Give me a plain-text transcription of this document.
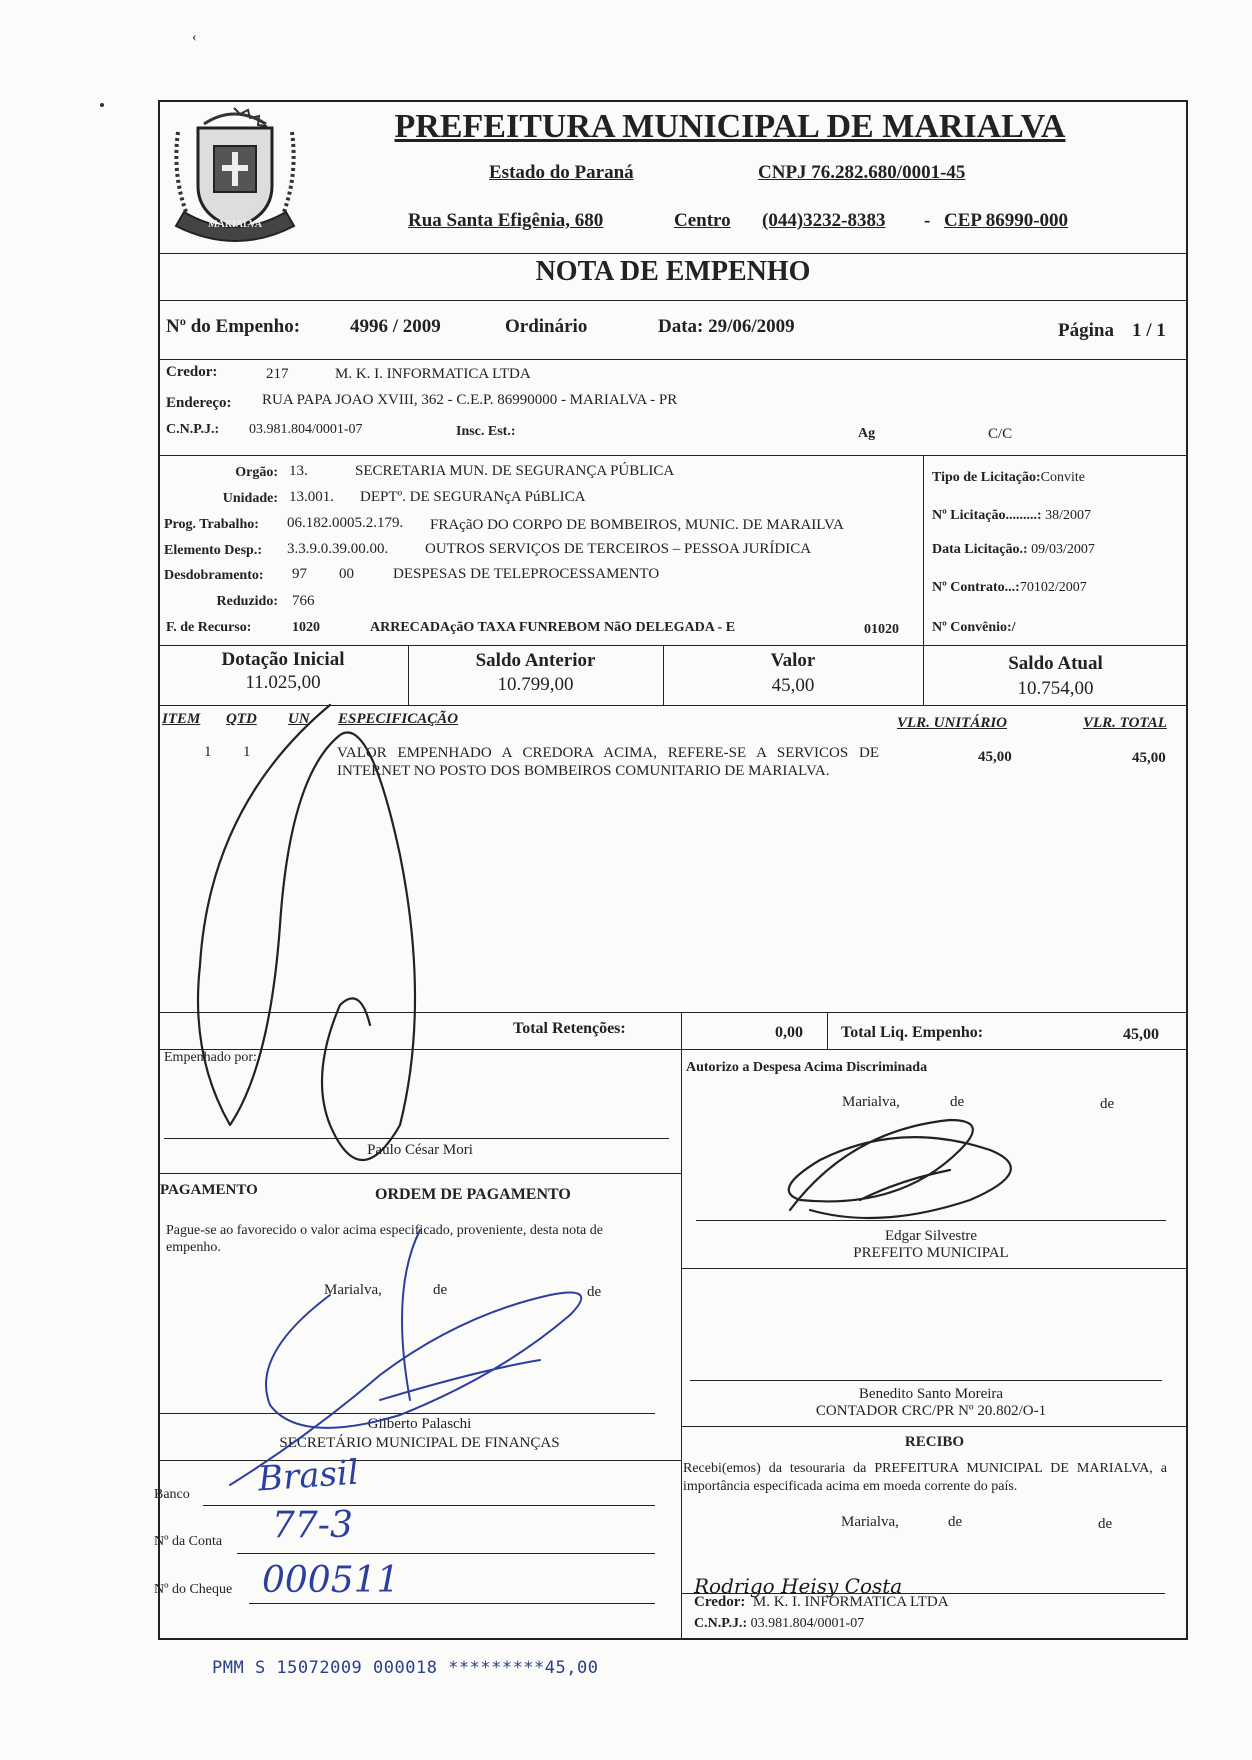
‹
MARIALVA
PREFEITURA MUNICIPAL DE MARIALVA
Estado do Paraná	CNPJ 76.282.680/0001-45
Rua Santa Efigênia, 680	Centro (044)3232-8383 - CEP 86990-000
NOTA DE EMPENHO
Nº do Empenho:	4996 / 2009	Ordinário	Data: 29/06/2009	Página 1 / 1
Credor:	217	M. K. I. INFORMATICA LTDA
Endereço: RUA PAPA JOAO XVIII, 362 - C.E.P. 86990000 - MARIALVA - PR
C.N.P.J.: 03.981.804/0001-07	Insc. Est.:	Ag	C/C
Orgão: 13.	SECRETARIA MUN. DE SEGURANÇA PÚBLICA
Unidade: 13.001. DEPTº. DE SEGURANçA PúBLICA
Prog. Trabalho: 06.182.0005.2.179. FRAçãO DO CORPO DE BOMBEIROS, MUNIC. DE MARAILVA
Elemento Desp.: 3.3.9.0.39.00.00. OUTROS SERVIÇOS DE TERCEIROS – PESSOA JURÍDICA
Desdobramento: 97 00	DESPESAS DE TELEPROCESSAMENTO
Reduzido: 766
F. de Recurso:	1020	ARRECADAçãO TAXA FUNREBOM NãO DELEGADA - E	01020
Tipo de Licitação:Convite
Nº Licitação.........: 38/2007
Data Licitação.: 09/03/2007
Nº Contrato...:70102/2007
Nº Convênio:/
Dotação Inicial
11.025,00
Saldo Anterior
10.799,00
Valor
45,00
Saldo Atual
10.754,00
ITEM QTD UN ESPECIFICAÇÃO	VLR. UNITÁRIO	VLR. TOTAL
1 1	VALOR EMPENHADO A CREDORA ACIMA, REFERE-SE A SERVICOS DE INTERNET NO POSTO DOS BOMBEIROS COMUNITARIO DE MARIALVA.
45,00	45,00
Total Retenções:	0,00 Total Liq. Empenho:	45,00
Empenhado por:
Paulo César Mori
Autorizo a Despesa Acima Discriminada
Marialva,	de	de
Edgar Silvestre
PREFEITO MUNICIPAL
PAGAMENTO	ORDEM DE PAGAMENTO
Pague-se ao favorecido o valor acima especificado, proveniente, desta nota de empenho.
Marialva,	de	de
Gilberto Palaschi
SECRETÁRIO MUNICIPAL DE FINANÇAS
Benedito Santo Moreira
CONTADOR CRC/PR Nº 20.802/O-1
Banco Brasil
Nº da Conta 77-3
Nº do Cheque 000511
RECIBO
Recebi(emos) da tesouraria da PREFEITURA MUNICIPAL DE MARIALVA, a importância especificada acima em moeda corrente do país.
Marialva,	de	de
Rodrigo Heisy Costa
Credor: M. K. I. INFORMATICA LTDA
C.N.P.J.: 03.981.804/0001-07
PMM S 15072009 000018 *********45,00
